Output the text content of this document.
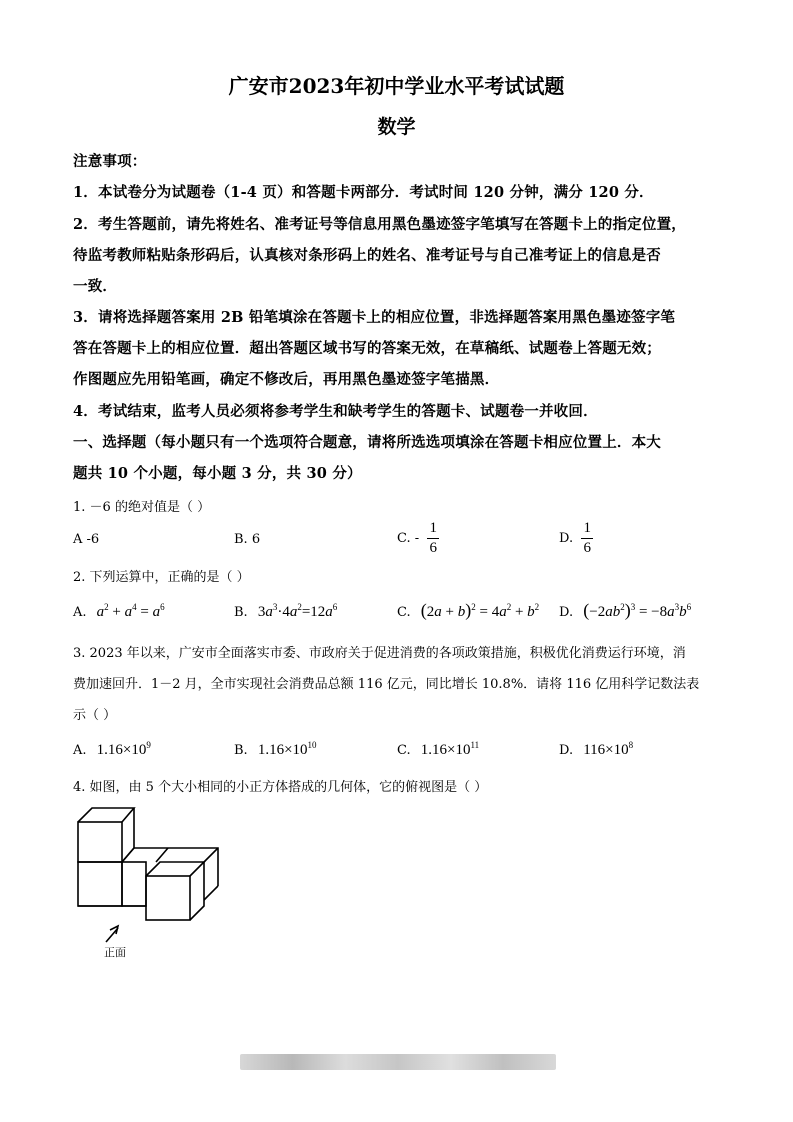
广安市2023年初中学业水平考试试题
数学
注意事项：
1．本试卷分为试题卷（1-4 页）和答题卡两部分．考试时间 120 分钟，满分 120 分．
2．考生答题前，请先将姓名、准考证号等信息用黑色墨迹签字笔填写在答题卡上的指定位置，
待监考教师粘贴条形码后，认真核对条形码上的姓名、准考证号与自己准考证上的信息是否
一致．
3．请将选择题答案用 2B 铅笔填涂在答题卡上的相应位置，非选择题答案用黑色墨迹签字笔
答在答题卡上的相应位置．超出答题区域书写的答案无效，在草稿纸、试题卷上答题无效；
作图题应先用铅笔画，确定不修改后，再用黑色墨迹签字笔描黑．
4．考试结束，监考人员必须将参考学生和缺考学生的答题卡、试题卷一并收回．
一、选择题（每小题只有一个选项符合题意，请将所选选项填涂在答题卡相应位置上．本大
题共 10 个小题，每小题 3 分，共 30 分）
1. －6 的绝对值是（ ）
A -6	B. 6	C. - $\frac{1}{6}$	D. $\frac{1}{6}$
2. 下列运算中，正确的是（ ）
A. $a^2 + a^4 = a^6$	B. $3a^3\cdot 4a^2=12a^6$	C. $(2a + b)^2 = 4a^2 + b^2$ D. $(-2ab^2)^3 = -8a^3b^6$
3. 2023 年以来，广安市全面落实市委、市政府关于促进消费的各项政策措施，积极优化消费运行环境，消
费加速回升．1－2 月，全市实现社会消费品总额 116 亿元，同比增长 10.8%．请将 116 亿用科学记数法表
示（ ）
A. $1.16\times 10^9$	B. $1.16\times 10^{10}$	C. $1.16\times 10^{11}$	D. $116\times 10^8$
4. 如图，由 5 个大小相同的小正方体搭成的几何体，它的俯视图是（ ）
正面
